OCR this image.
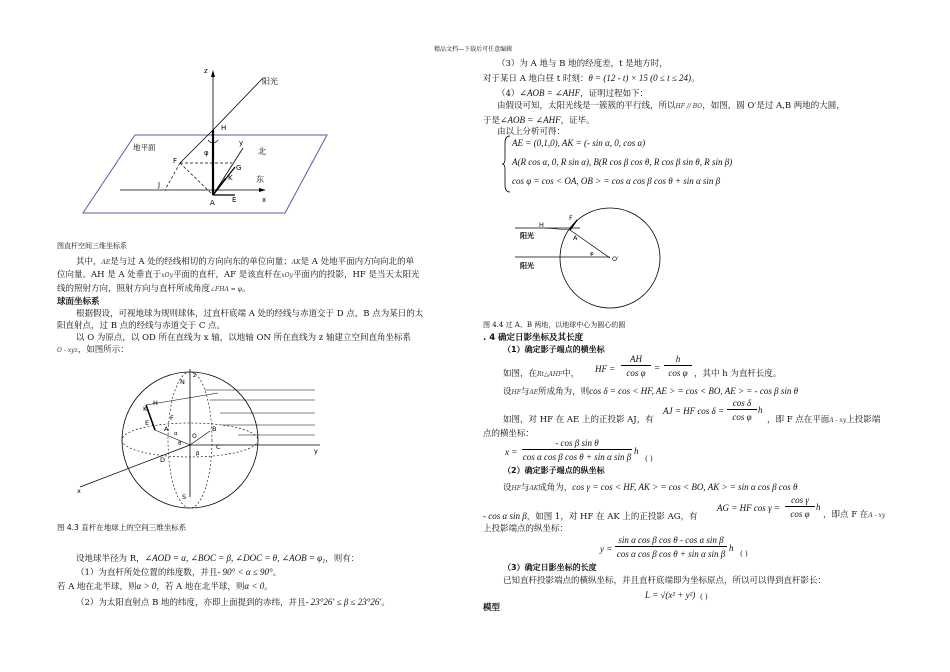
精品文档---下载后可任意编辑
z
阳光
地平面
H
y
北
φ
F
G
K	东
J
A E	x
图直杆空间三维坐标系
其中，AE是与过 A 处的经线相切的方向向东的单位向量；AK是 A 处地平面内方向向北的单
位向量。AH 是 A 处垂直于xOy平面的直杆，AF 是该直杆在xOy平面内的投影，HF 是当天太阳光
线的照射方向，照射方向与直杆所成角度∠FHA = φ。
球面坐标系
根据假设，可视地球为规则球体，过直杆底端 A 处的经线与赤道交于 D 点，B 点为某日的太
阳直射点，过 B 点的经线与赤道交于 C 点。
以 O 为原点，以 OD 所在直线为 x 轴，以地轴 ON 所在直线为 z 轴建立空间直角坐标系
O - xyz，如图所示：
N
H
K
F
E
A	B
C
D
O
S
y
x
θ
β
α
z
图 4.3 直杆在地球上的空间三维坐标系
设地球半径为 R，∠AOD = α, ∠BOC = β, ∠DOC = θ, ∠AOB = φ₁，则有：
（1）为直杆所处位置的纬度数，并且- 90° < α ≤ 90°。
若 A 地在北半球，则α > 0，若 A 地在北半球，则α < 0。
（2）为太阳直射点 B 地的纬度，亦即上面提到的赤纬，并且- 23°26′ ≤ β ≤ 23°26′。
（3）为 A 地与 B 地的经度差，t 是地方时，
对于某日 A 地白昼 t 时刻：θ = (12 - t) × 15 (0 ≤ t ≤ 24)。
（4）∠AOB = ∠AHF，证明过程如下：
由假设可知，太阳光线是一簇簇的平行线，所以HF // BO，如图，圆 O′是过 A,B 两地的大圆，
于是∠AOB = ∠AHF，证毕。
由以上分析可得：
AE = (0,1,0), AK = (- sin α, 0, cos α)
A(R cos α, 0, R sin α), B(R cos β cos θ, R cos β sin θ, R sin β)
cos φ = cos < OA, OB > = cos α cos β cos θ + sin α sin β
H
F
阳光	A
阳光
φ
O′
图 4.4 过 A、B 两地，以地球中心为圆心的圆
. 4 确定日影坐标及其长度
（1）确定影子端点的横坐标
如图，在Rt△AHF中， HF =
AH
cos φ =
h
cos φ ，其中 h 为直杆长度。
设HF与AE所成角为，则cos δ = cos < HF, AE > = cos < BO, AE > = - cos β sin θ
AJ = HF cos δ =
cos δ
cos φ
h
如图，对 HF 在 AE 上的正投影 AJ，有	，即 F 点在平面A - xy上投影端
点的横坐标：
x =
- cos β sin θ
cos α cos β cos θ + sin α sin β
h
( )
（2）确定影子端点的纵坐标
设HF与AK成角为，cos γ = cos < HF, AK > = cos < BO, AK > = sin α cos β cos θ
AG = HF cos γ =
cos γ
cos φ
h
- cos α sin β，如图 1，对 HF 在 AK 上的正投影 AG，有	，即点 F 在A - xy
上投影端点的纵坐标：
y =
sin α cos β cos θ - cos α sin β
cos α cos β cos θ + sin α sin β
h
( )
（3）确定日影坐标的长度
已知直杆投影端点的横纵坐标，并且直杆底端即为坐标原点，所以可以得到直杆影长：
L = √(x² + y²) ( )
模型
